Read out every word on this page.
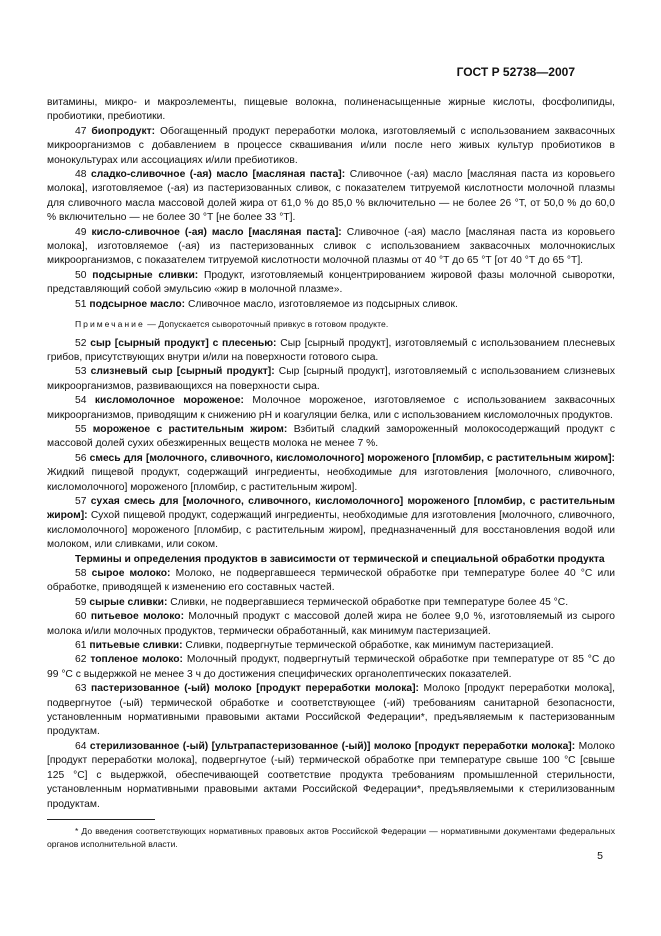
ГОСТ Р 52738—2007

витамины, микро- и макроэлементы, пищевые волокна, полиненасыщенные жирные кислоты, фосфолипиды, пробиотики, пребиотики.

47 биопродукт: Обогащенный продукт переработки молока, изготовляемый с использованием заквасочных микроорганизмов с добавлением в процессе сквашивания и/или после него живых культур пробиотиков в монокультурах или ассоциациях и/или пребиотиков.

48 сладко-сливочное (-ая) масло [масляная паста]: Сливочное (-ая) масло [масляная паста из коровьего молока], изготовляемое (-ая) из пастеризованных сливок, с показателем титруемой кислотности молочной плазмы для сливочного масла массовой долей жира от 61,0 % до 85,0 % включительно — не более 26 °Т, от 50,0 % до 60,0 % включительно — не более 30 °Т [не более 33 °Т].

49 кисло-сливочное (-ая) масло [масляная паста]: Сливочное (-ая) масло [масляная паста из коровьего молока], изготовляемое (-ая) из пастеризованных сливок с использованием заквасочных молочнокислых микроорганизмов, с показателем титруемой кислотности молочной плазмы от 40 °Т до 65 °Т [от 40 °Т до 65 °Т].

50 подсырные сливки: Продукт, изготовляемый концентрированием жировой фазы молочной сыворотки, представляющий собой эмульсию «жир в молочной плазме».

51 подсырное масло: Сливочное масло, изготовляемое из подсырных сливок.

Примечание — Допускается сывороточный привкус в готовом продукте.

52 сыр [сырный продукт] с плесенью: Сыр [сырный продукт], изготовляемый с использованием плесневых грибов, присутствующих внутри и/или на поверхности готового сыра.

53 слизневый сыр [сырный продукт]: Сыр [сырный продукт], изготовляемый с использованием слизневых микроорганизмов, развивающихся на поверхности сыра.

54 кисломолочное мороженое: Молочное мороженое, изготовляемое с использованием заквасочных микроорганизмов, приводящим к снижению рН и коагуляции белка, или с использованием кисломолочных продуктов.

55 мороженое с растительным жиром: Взбитый сладкий замороженный молокосодержащий продукт с массовой долей сухих обезжиренных веществ молока не менее 7 %.

56 смесь для [молочного, сливочного, кисломолочного] мороженого [пломбир, с растительным жиром]: Жидкий пищевой продукт, содержащий ингредиенты, необходимые для изготовления [молочного, сливочного, кисломолочного] мороженого [пломбир, с растительным жиром].

57 сухая смесь для [молочного, сливочного, кисломолочного] мороженого [пломбир, с растительным жиром]: Сухой пищевой продукт, содержащий ингредиенты, необходимые для изготовления [молочного, сливочного, кисломолочного] мороженого [пломбир, с растительным жиром], предназначенный для восстановления водой или молоком, или сливками, или соком.

Термины и определения продуктов в зависимости от термической и специальной обработки продукта

58 сырое молоко: Молоко, не подвергавшееся термической обработке при температуре более 40 °С или обработке, приводящей к изменению его составных частей.

59 сырые сливки: Сливки, не подвергавшиеся термической обработке при температуре более 45 °С.

60 питьевое молоко: Молочный продукт с массовой долей жира не более 9,0 %, изготовляемый из сырого молока и/или молочных продуктов, термически обработанный, как минимум пастеризацией.

61 питьевые сливки: Сливки, подвергнутые термической обработке, как минимум пастеризацией.

62 топленое молоко: Молочный продукт, подвергнутый термической обработке при температуре от 85 °С до 99 °С с выдержкой не менее 3 ч до достижения специфических органолептических показателей.

63 пастеризованное (-ый) молоко [продукт переработки молока]: Молоко [продукт переработки молока], подвергнутое (-ый) термической обработке и соответствующее (-ий) требованиям санитарной безопасности, установленным нормативными правовыми актами Российской Федерации*, предъявляемым к пастеризованным продуктам.

64 стерилизованное (-ый) [ультрапастеризованное (-ый)] молоко [продукт переработки молока]: Молоко [продукт переработки молока], подвергнутое (-ый) термической обработке при температуре свыше 100 °С [свыше 125 °С] с выдержкой, обеспечивающей соответствие продукта требованиям промышленной стерильности, установленным нормативными правовыми актами Российской Федерации*, предъявляемыми к стерилизованным продуктам.

* До введения соответствующих нормативных правовых актов Российской Федерации — нормативными документами федеральных органов исполнительной власти.
5
